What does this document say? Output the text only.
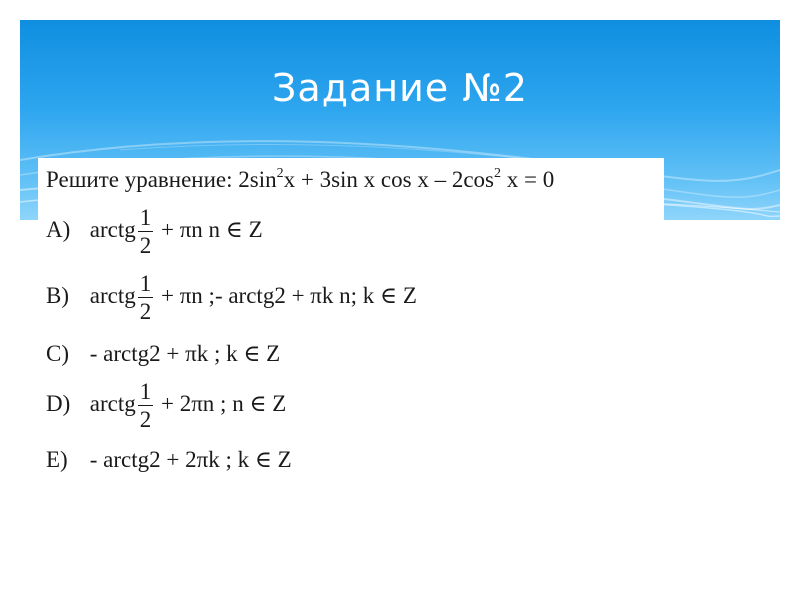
Задание №2
Решите уравнение: $2\sin^2x + 3\sin$ x cos x – $2\cos^2$ x = 0
A) arctg $\frac{1}{2} + \pi n$ n ∈ Z
B) arctg $\frac{1}{2} + \pi n$ ;- arctg2 + πk n; k ∈ Z
C) - arctg2 + πk ; k ∈ Z
D) arctg $\frac{1}{2} + 2\pi n$ ; n ∈ Z
E) - arctg2 + 2πk ; k ∈ Z
